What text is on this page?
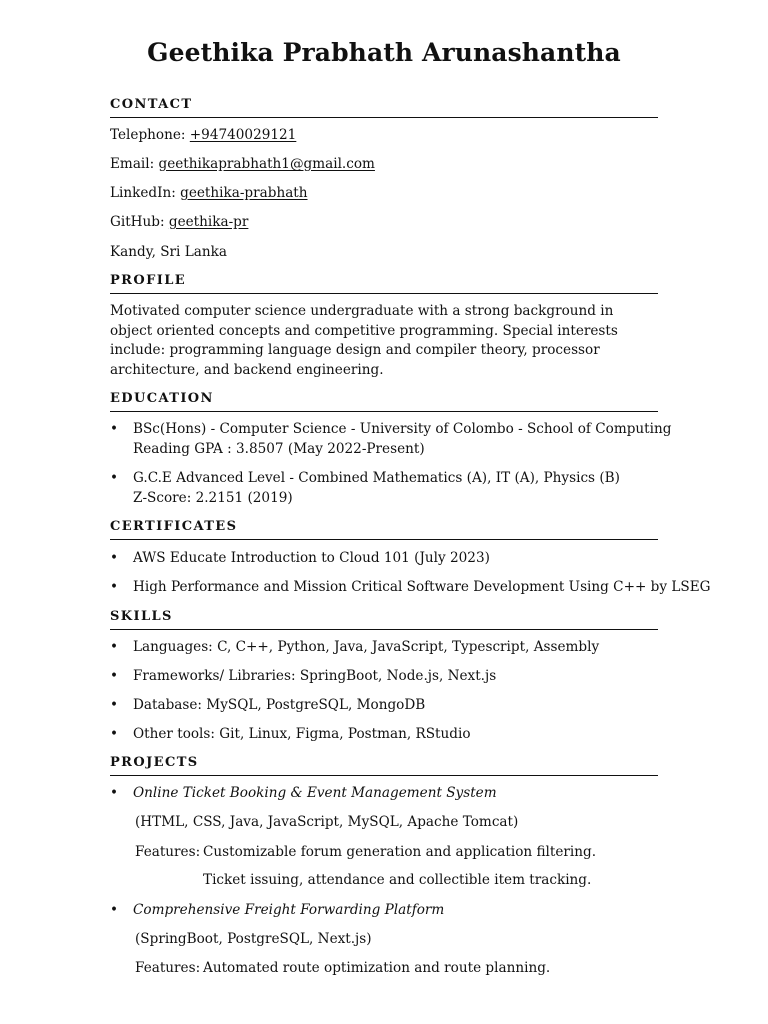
Geethika Prabhath Arunashantha
CONTACT
Telephone: +94740029121
Email: geethikaprabhath1@gmail.com
LinkedIn: geethika-prabhath
GitHub: geethika-pr
Kandy, Sri Lanka
PROFILE
Motivated computer science undergraduate with a strong background in object oriented concepts and competitive programming. Special interests include: programming language design and compiler theory, processor architecture, and backend engineering.
EDUCATION
• BSc(Hons) - Computer Science - University of Colombo - School of Computing
Reading GPA : 3.8507 (May 2022-Present)
• G.C.E Advanced Level - Combined Mathematics (A), IT (A), Physics (B)
Z-Score: 2.2151 (2019)
CERTIFICATES
• AWS Educate Introduction to Cloud 101 (July 2023)
• High Performance and Mission Critical Software Development Using C++ by LSEG
SKILLS
• Languages: C, C++, Python, Java, JavaScript, Typescript, Assembly
• Frameworks/ Libraries: SpringBoot, Node.js, Next.js
• Database: MySQL, PostgreSQL, MongoDB
• Other tools: Git, Linux, Figma, Postman, RStudio
PROJECTS
• Online Ticket Booking & Event Management System
(HTML, CSS, Java, JavaScript, MySQL, Apache Tomcat)
Features: Customizable forum generation and application filtering.
Ticket issuing, attendance and collectible item tracking.
• Comprehensive Freight Forwarding Platform
(SpringBoot, PostgreSQL, Next.js)
Features: Automated route optimization and route planning.
